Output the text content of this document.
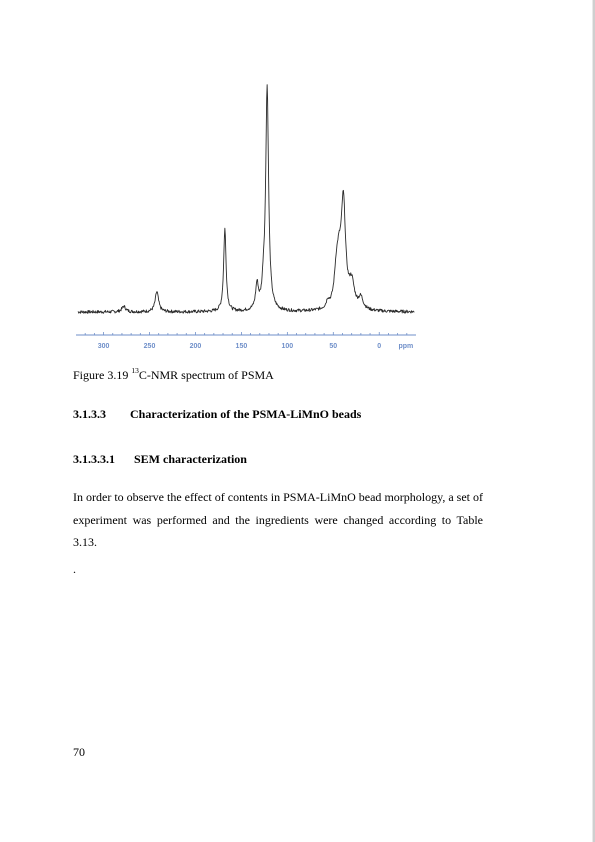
300	250	200	150	100	50	0 ppm
Figure 3.19 $^{13}$C-NMR spectrum of PSMA
3.1.3.3 Characterization of the PSMA-LiMnO beads
3.1.3.3.1 SEM characterization
In order to observe the effect of contents in PSMA-LiMnO bead morphology, a set of experiment was performed and the ingredients were changed according to Table 3.13.
.
70
